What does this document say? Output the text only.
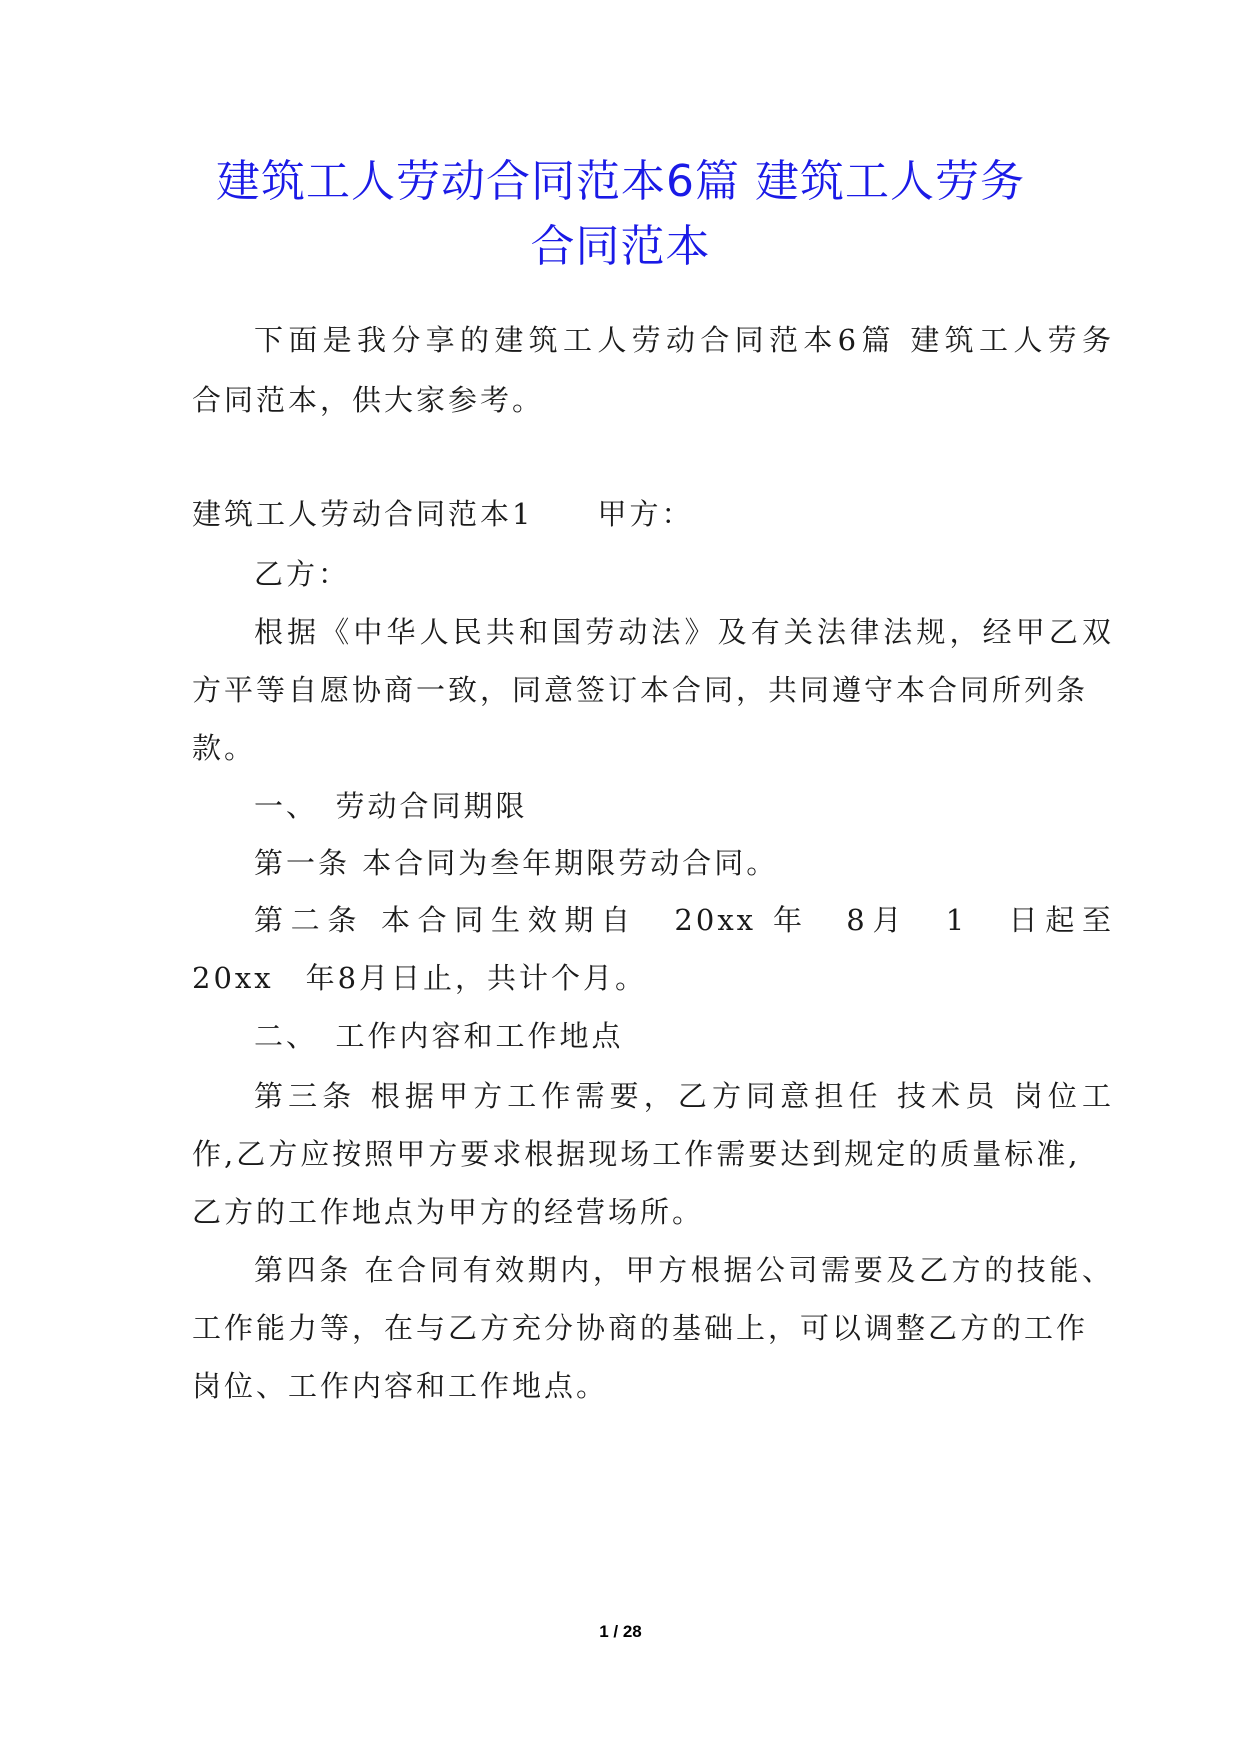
建筑工人劳动合同范本6篇 建筑工人劳务
合同范本
下面是我分享的建筑工人劳动合同范本6篇 建筑工人劳务
合同范本，供大家参考。
建筑工人劳动合同范本1　　甲方：
乙方：
根据《中华人民共和国劳动法》及有关法律法规，经甲乙双
方平等自愿协商一致，同意签订本合同，共同遵守本合同所列条
款。
一、　劳动合同期限
第一条 本合同为叁年期限劳动合同。
第二条 本合同生效期自　20xx 年　8月　1　日起至
20xx　年8月日止，共计个月。
二、　工作内容和工作地点
第三条 根据甲方工作需要，乙方同意担任 技术员 岗位工
作,乙方应按照甲方要求根据现场工作需要达到规定的质量标准,
乙方的工作地点为甲方的经营场所。
第四条 在合同有效期内，甲方根据公司需要及乙方的技能、
工作能力等，在与乙方充分协商的基础上，可以调整乙方的工作
岗位、工作内容和工作地点。
1 / 28
